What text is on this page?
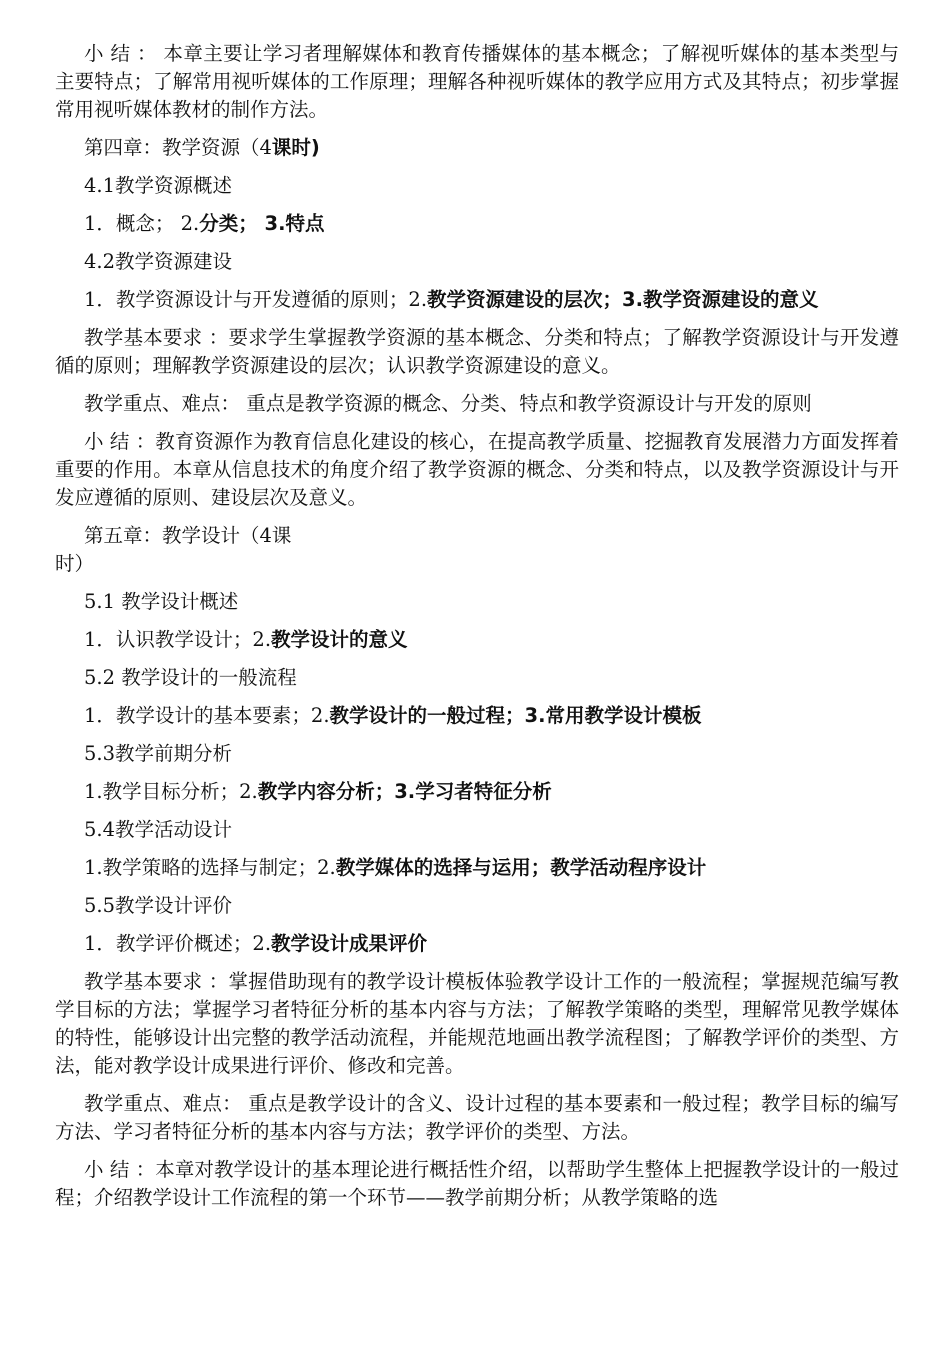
小 结 ： 本章主要让学习者理解媒体和教育传播媒体的基本概念；了解视听媒体的基本类型与主要特点；了解常用视听媒体的工作原理；理解各种视听媒体的教学应用方式及其特点；初步掌握常用视听媒体教材的制作方法。

第四章：教学资源（4课时)
4.1教学资源概述
1．概念； 2.分类； 3.特点
4.2教学资源建设
1．教学资源设计与开发遵循的原则；2.教学资源建设的层次；3.教学资源建设的意义

教学基本要求 ：要求学生掌握教学资源的基本概念、分类和特点；了解教学资源设计与开发遵循的原则；理解教学资源建设的层次；认识教学资源建设的意义。

教学重点、难点： 重点是教学资源的概念、分类、特点和教学资源设计与开发的原则

小 结 ：教育资源作为教育信息化建设的核心，在提高教学质量、挖掘教育发展潜力方面发挥着重要的作用。本章从信息技术的角度介绍了教学资源的概念、分类和特点，以及教学资源设计与开发应遵循的原则、建设层次及意义。

第五章：教学设计（4课
时）

5.1 教学设计概述
1．认识教学设计；2.教学设计的意义
5.2 教学设计的一般流程
1．教学设计的基本要素；2.教学设计的一般过程；3.常用教学设计模板
5.3教学前期分析
1.教学目标分析；2.教学内容分析；3.学习者特征分析
5.4教学活动设计
1.教学策略的选择与制定；2.教学媒体的选择与运用；教学活动程序设计
5.5教学设计评价
1．教学评价概述；2.教学设计成果评价

教学基本要求 ：掌握借助现有的教学设计模板体验教学设计工作的一般流程；掌握规范编写教学目标的方法；掌握学习者特征分析的基本内容与方法；了解教学策略的类型，理解常见教学媒体的特性，能够设计出完整的教学活动流程，并能规范地画出教学流程图；了解教学评价的类型、方法，能对教学设计成果进行评价、修改和完善。

教学重点、难点： 重点是教学设计的含义、设计过程的基本要素和一般过程；教学目标的编写方法、学习者特征分析的基本内容与方法；教学评价的类型、方法。

小 结 ：本章对教学设计的基本理论进行概括性介绍，以帮助学生整体上把握教学设计的一般过程；介绍教学设计工作流程的第一个环节——教学前期分析；从教学策略的选
